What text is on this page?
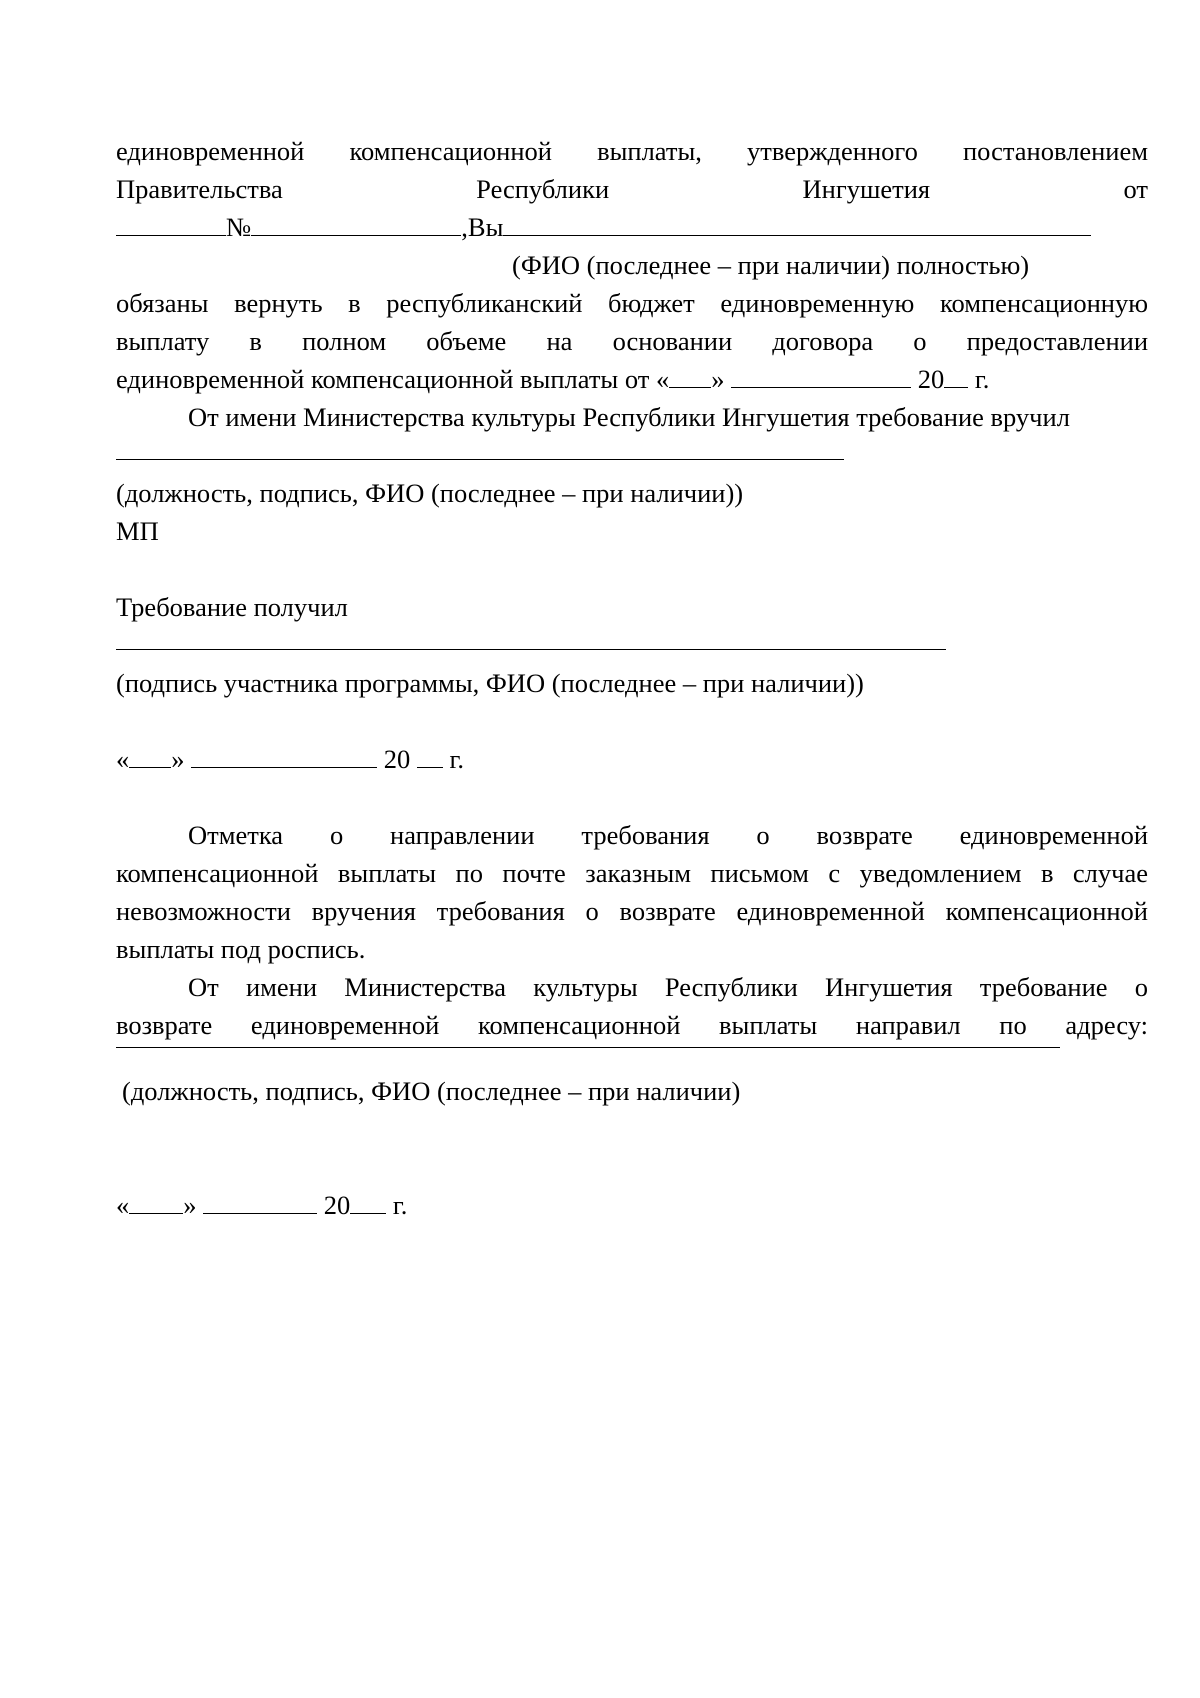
единовременной компенсационной выплаты, утвержденного постановлением
Правительства Республики Ингушетия от
№	,Вы
(ФИО (последнее – при наличии) полностью)
обязаны вернуть в республиканский бюджет единовременную компенсационную
выплату в полном объеме на основании договора о предоставлении
единовременной компенсационной выплаты от « »	20 г.
От имени Министерства культуры Республики Ингушетия требование вручил
(должность, подпись, ФИО (последнее – при наличии))
МП
Требование получил
(подпись участника программы, ФИО (последнее – при наличии))
« »	20 г.
Отметка о направлении требования о возврате единовременной
компенсационной выплаты по почте заказным письмом с уведомлением в случае
невозможности вручения требования о возврате единовременной компенсационной
выплаты под роспись.
От имени Министерства культуры Республики Ингушетия требование о
возврате единовременной компенсационной выплаты направил по адресу:
(должность, подпись, ФИО (последнее – при наличии)
« »	20 г.
